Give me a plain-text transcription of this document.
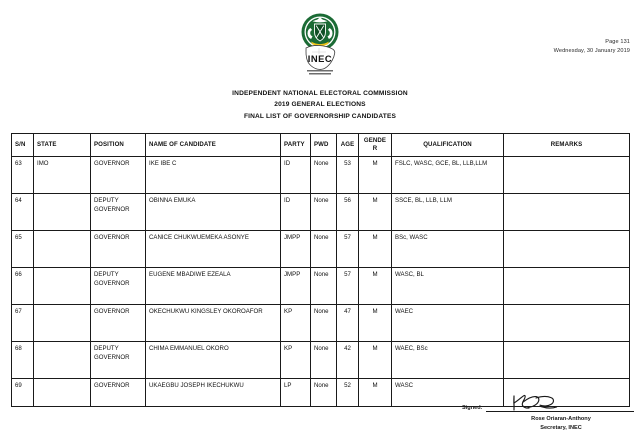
Page 131
Wednesday, 30 January 2019
INEC
INDEPENDENT NATIONAL ELECTORAL COMMISSION
2019 GENERAL ELECTIONS
FINAL LIST OF GOVERNORSHIP CANDIDATES
S/N	STATE	POSITION	NAME OF CANDIDATE	PARTY	PWD	AGE	GENDER	QUALIFICATION	REMARKS
63	IMO	GOVERNOR	IKE IBE C	ID	None	53	M	FSLC, WASC, GCE, BL, LLB,LLM	
64		DEPUTY GOVERNOR	OBINNA EMUKA	ID	None	56	M	SSCE, BL, LLB, LLM	
65		GOVERNOR	CANICE CHUKWUEMEKA ASONYE	JMPP	None	57	M	BSc, WASC	
66		DEPUTY GOVERNOR	EUGENE MBADIWE EZEALA	JMPP	None	57	M	WASC, BL	
67		GOVERNOR	OKECHUKWU KINGSLEY OKOROAFOR	KP	None	47	M	WAEC	
68		DEPUTY GOVERNOR	CHIMA EMMANUEL OKORO	KP	None	42	M	WAEC, BSc	
69		GOVERNOR	UKAEGBU JOSEPH IKECHUKWU	LP	None	52	M	WASC	
Signed:
Rose Oriaran-Anthony
Secretary, INEC
